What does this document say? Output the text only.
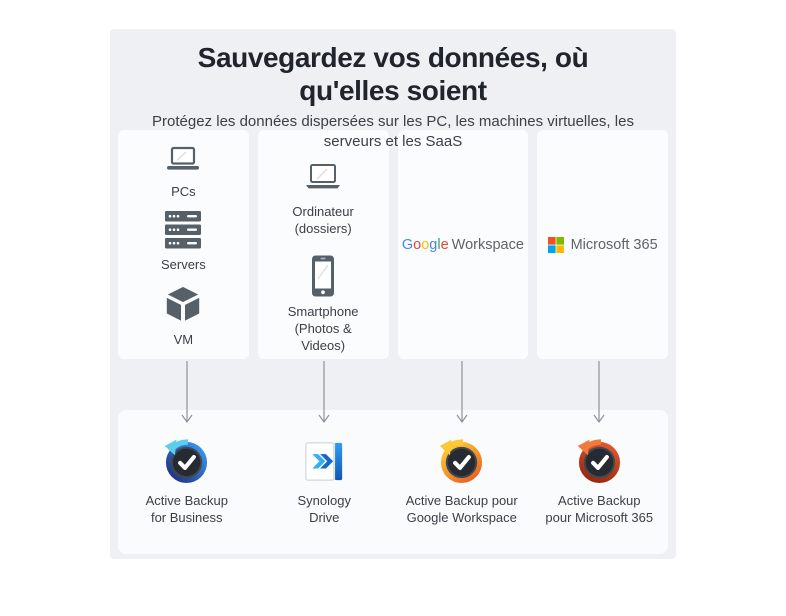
Sauvegardez vos données, où
qu'elles soient

Protégez les données dispersées sur les PC, les machines virtuelles, les
serveurs et les SaaS

PCs
Servers
VM
Ordinateur
(dossiers)
Smartphone
(Photos &
Videos)
Google Workspace	Microsoft 365
Active Backup
for Business
Synology
Drive
Active Backup pour
Google Workspace
Active Backup
pour Microsoft 365
